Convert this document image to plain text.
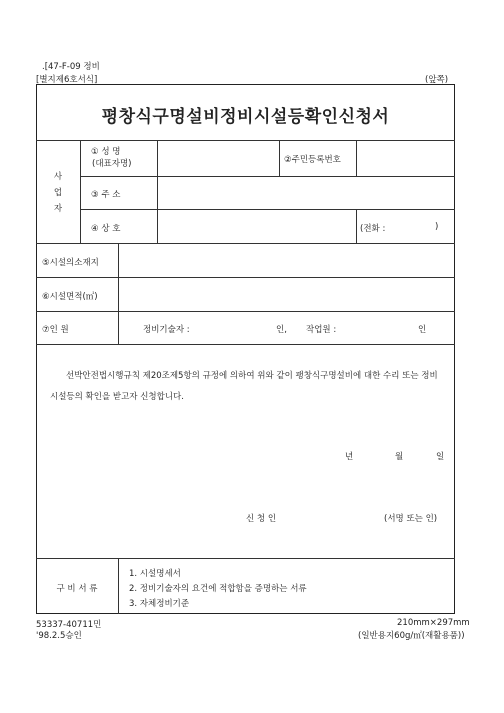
.[47-F-09 정비
[별지제6호서식]	(앞쪽)
평창식구명설비정비시설등확인신청서
사
업
자
① 성 명
(대표자명)	②주민등록번호
③ 주 소
④ 상 호	(전화 :	)
⑤시설의소재지
⑥시설면적(㎡)
⑦인 원	정비기술자 :	인, 작업원 :	인
선박안전법시행규칙 제20조제5항의 규정에 의하여 위와 같이 팽창식구명설비에 대한 수리 또는 정비시설등의 확인을 받고자 신청합니다.
년	월	일
신 청 인	(서명 또는 인)
구 비 서 류
1. 시설명세서
2. 정비기술자의 요건에 적합함을 증명하는 서류
3. 자체정비기준
53337-40711민
'98.2.5승인
210mm×297mm
(일반용지60g/㎡(재활용품))
